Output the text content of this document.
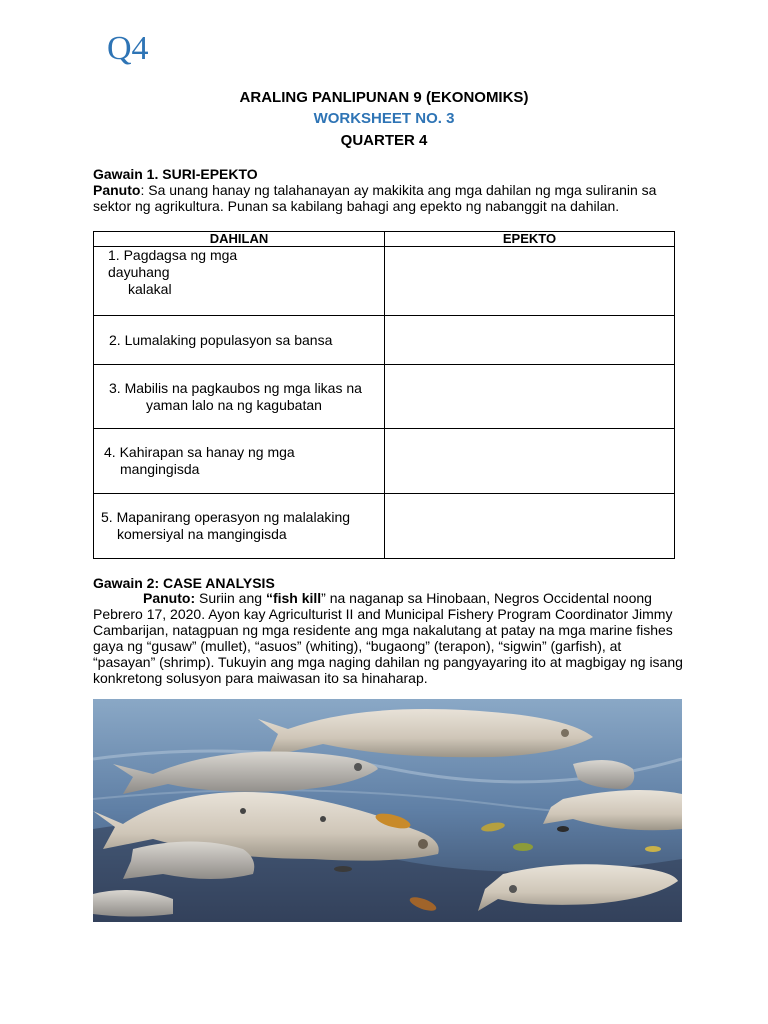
Q4
ARALING PANLIPUNAN 9 (EKONOMIKS)
WORKSHEET NO. 3
QUARTER 4
Gawain 1. SURI-EPEKTO
Panuto: Sa unang hanay ng talahanayan ay makikita ang mga dahilan ng mga suliranin sa sektor ng agrikultura. Punan sa kabilang bahagi ang epekto ng nabanggit na dahilan.
DAHILAN	EPEKTO

1. Pagdagsa ng mga
dayuhang
kalakal	

2. Lumalaking populasyon sa bansa	

3. Mabilis na pagkaubos ng mga likas na
yaman lalo na ng kagubatan	

4. Kahirapan sa hanay ng mga
mangingisda	

5. Mapanirang operasyon ng malalaking
komersiyal na mangingisda	

Gawain 2: CASE ANALYSIS
Panuto: Suriin ang “fish kill” na naganap sa Hinobaan, Negros Occidental noong Pebrero 17, 2020. Ayon kay Agriculturist II and Municipal Fishery Program Coordinator Jimmy Cambarijan, natagpuan ng mga residente ang mga nakalutang at patay na mga marine fishes gaya ng “gusaw” (mullet), “asuos” (whiting), “bugaong” (terapon), “sigwin” (garfish), at “pasayan” (shrimp). Tukuyin ang mga naging dahilan ng pangyayaring ito at magbigay ng isang konkretong solusyon para maiwasan ito sa hinaharap.
